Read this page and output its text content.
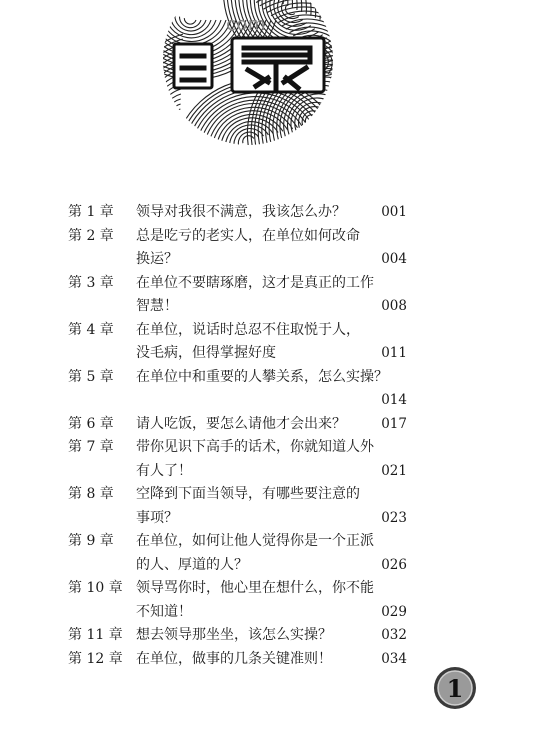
目录
com
第 1 章 领导对我很不满意，我该怎么办？	001
第 2 章 总是吃亏的老实人，在单位如何改命
换运？	004
第 3 章 在单位不要瞎琢磨，这才是真正的工作
智慧！	008
第 4 章 在单位，说话时总忍不住取悦于人，
没毛病，但得掌握好度	011
第 5 章 在单位中和重要的人攀关系，怎么实操？
014
第 6 章 请人吃饭，要怎么请他才会出来？	017
第 7 章 带你见识下高手的话术，你就知道人外
有人了！	021
第 8 章 空降到下面当领导，有哪些要注意的
事项？	023
第 9 章 在单位，如何让他人觉得你是一个正派
的人、厚道的人？	026
第 10 章 领导骂你时，他心里在想什么，你不能
不知道！	029
第 11 章 想去领导那坐坐，该怎么实操？	032
第 12 章 在单位，做事的几条关键准则！	034
1
